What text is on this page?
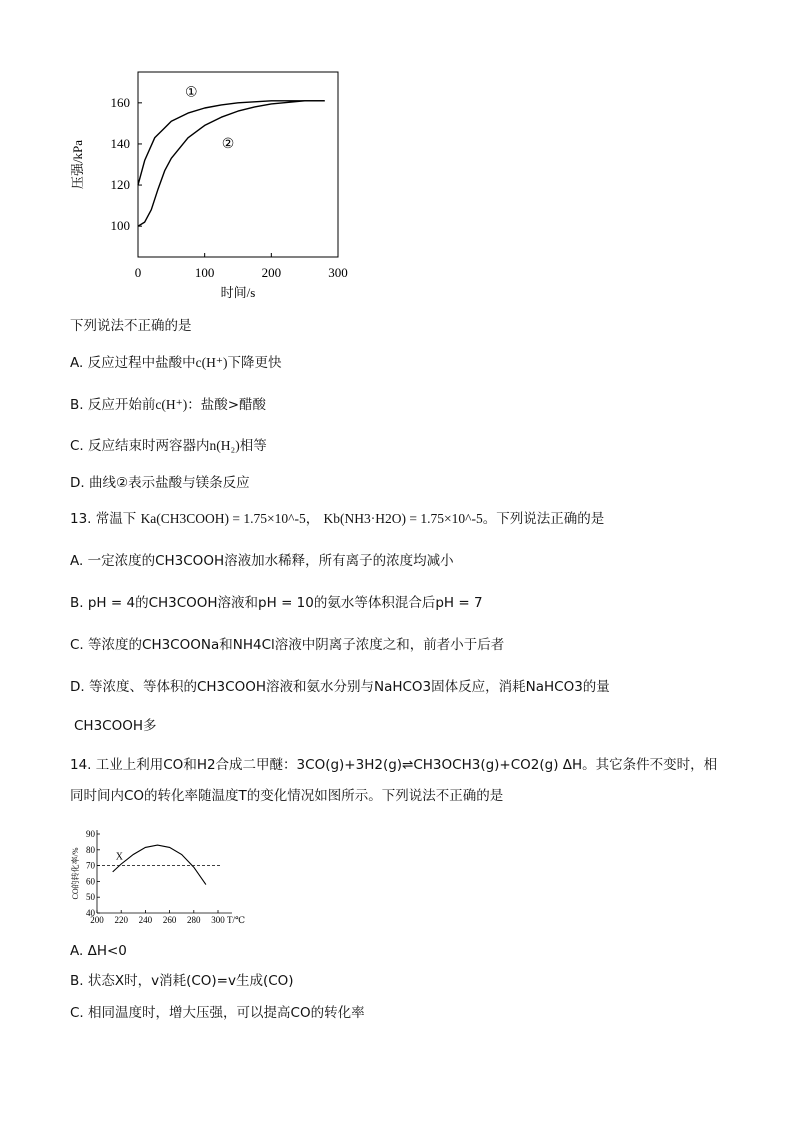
100
120
140
160
0	100	200	300
时间/s
压强/kPa
①
②
下列说法不正确的是
A. 反应过程中盐酸中c(H⁺)下降更快
B. 反应开始前c(H⁺)：盐酸>醋酸
C. 反应结束时两容器内n(H₂)相等
D. 曲线②表示盐酸与镁条反应
13. 常温下 Ka(CH3COOH) = 1.75×10^-5， Kb(NH3·H2O) = 1.75×10^-5。下列说法正确的是
A. 一定浓度的CH3COOH溶液加水稀释，所有离子的浓度均减小
B. pH = 4的CH3COOH溶液和pH = 10的氨水等体积混合后pH = 7
C. 等浓度的CH3COONa和NH4Cl溶液中阴离子浓度之和，前者小于后者
D. 等浓度、等体积的CH3COOH溶液和氨水分别与NaHCO3固体反应，消耗NaHCO3的量
CH3COOH多
14. 工业上利用CO和H2合成二甲醚：3CO(g)+3H2(g)⇌CH3OCH3(g)+CO2(g) ΔH。其它条件不变时，相
同时间内CO的转化率随温度T的变化情况如图所示。下列说法不正确的是
40
50
60
70
80
90
200 220 240 260 280 300 T/℃
CO的转化率/%	X
A. ΔH<0
B. 状态X时，v消耗(CO)=v生成(CO)
C. 相同温度时，增大压强，可以提高CO的转化率
